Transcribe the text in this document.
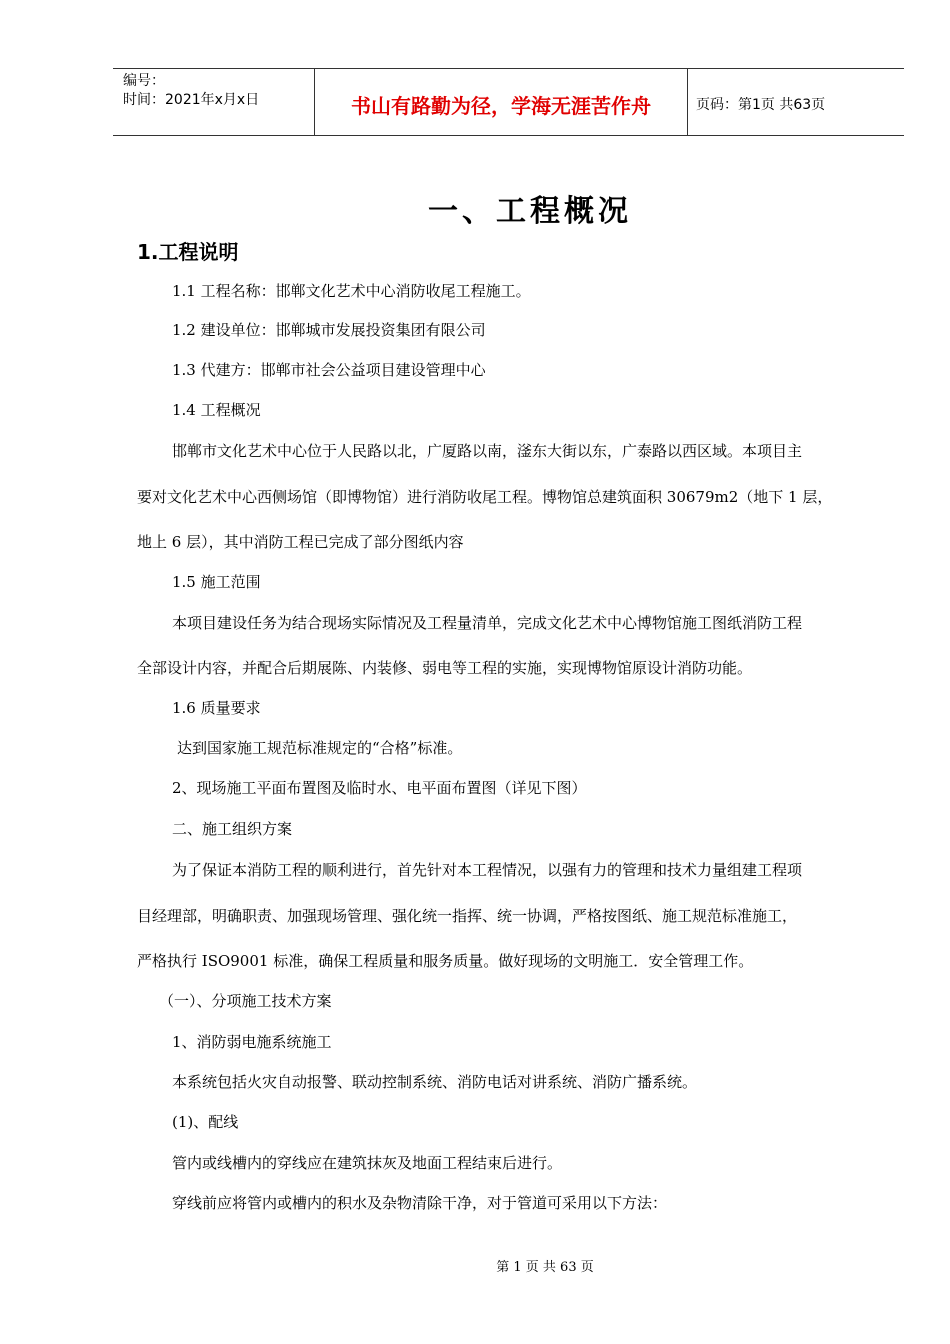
编号：
时间：2021年x月x日	书山有路勤为径，学海无涯苦作舟	页码：第1页 共63页
一、工程概况
1.工程说明
1.1 工程名称：邯郸文化艺术中心消防收尾工程施工。
1.2 建设单位：邯郸城市发展投资集团有限公司
1.3 代建方：邯郸市社会公益项目建设管理中心
1.4 工程概况
邯郸市文化艺术中心位于人民路以北，广厦路以南，滏东大街以东，广泰路以西区域。本项目主
要对文化艺术中心西侧场馆（即博物馆）进行消防收尾工程。博物馆总建筑面积 30679m2（地下 1 层，
地上 6 层），其中消防工程已完成了部分图纸内容
1.5 施工范围
本项目建设任务为结合现场实际情况及工程量清单，完成文化艺术中心博物馆施工图纸消防工程
全部设计内容，并配合后期展陈、内装修、弱电等工程的实施，实现博物馆原设计消防功能。
1.6 质量要求
达到国家施工规范标准规定的“合格”标准。
2、现场施工平面布置图及临时水、电平面布置图（详见下图）
二、施工组织方案
为了保证本消防工程的顺利进行，首先针对本工程情况，以强有力的管理和技术力量组建工程项
目经理部，明确职责、加强现场管理、强化统一指挥、统一协调，严格按图纸、施工规范标准施工，
严格执行 ISO9001 标准，确保工程质量和服务质量。做好现场的文明施工．安全管理工作。
（一）、分项施工技术方案
1、消防弱电施系统施工
本系统包括火灾自动报警、联动控制系统、消防电话对讲系统、消防广播系统。
(1)、配线
管内或线槽内的穿线应在建筑抹灰及地面工程结束后进行。
穿线前应将管内或槽内的积水及杂物清除干净，对于管道可采用以下方法：
第 1 页 共 63 页
